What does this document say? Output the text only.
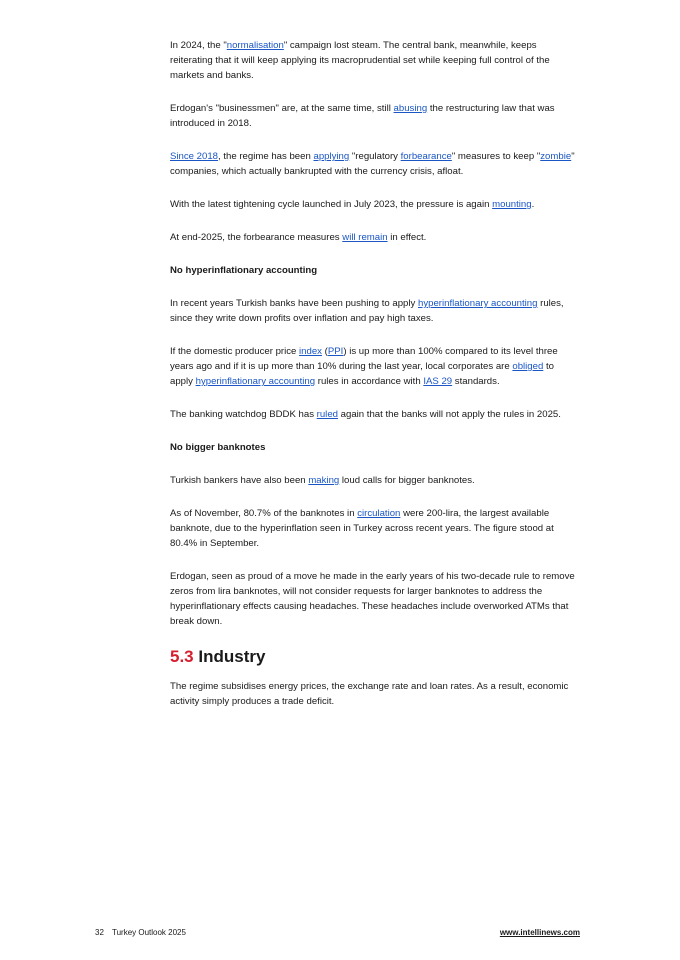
In 2024, the "normalisation" campaign lost steam. The central bank, meanwhile, keeps reiterating that it will keep applying its macroprudential set while keeping full control of the markets and banks.

Erdogan's "businessmen" are, at the same time, still abusing the restructuring law that was introduced in 2018.

Since 2018, the regime has been applying "regulatory forbearance" measures to keep "zombie" companies, which actually bankrupted with the currency crisis, afloat.

With the latest tightening cycle launched in July 2023, the pressure is again mounting.

At end-2025, the forbearance measures will remain in effect.

No hyperinflationary accounting

In recent years Turkish banks have been pushing to apply hyperinflationary accounting rules, since they write down profits over inflation and pay high taxes.

If the domestic producer price index (PPI) is up more than 100% compared to its level three years ago and if it is up more than 10% during the last year, local corporates are obliged to apply hyperinflationary accounting rules in accordance with IAS 29 standards.

The banking watchdog BDDK has ruled again that the banks will not apply the rules in 2025.

No bigger banknotes

Turkish bankers have also been making loud calls for bigger banknotes.

As of November, 80.7% of the banknotes in circulation were 200-lira, the largest available banknote, due to the hyperinflation seen in Turkey across recent years. The figure stood at 80.4% in September.

Erdogan, seen as proud of a move he made in the early years of his two-decade rule to remove zeros from lira banknotes, will not consider requests for larger banknotes to address the hyperinflationary effects causing headaches. These headaches include overworked ATMs that break down.

5.3 Industry

The regime subsidises energy prices, the exchange rate and loan rates. As a result, economic activity simply produces a trade deficit.

32 Turkey Outlook 2025	www.intellinews.com
